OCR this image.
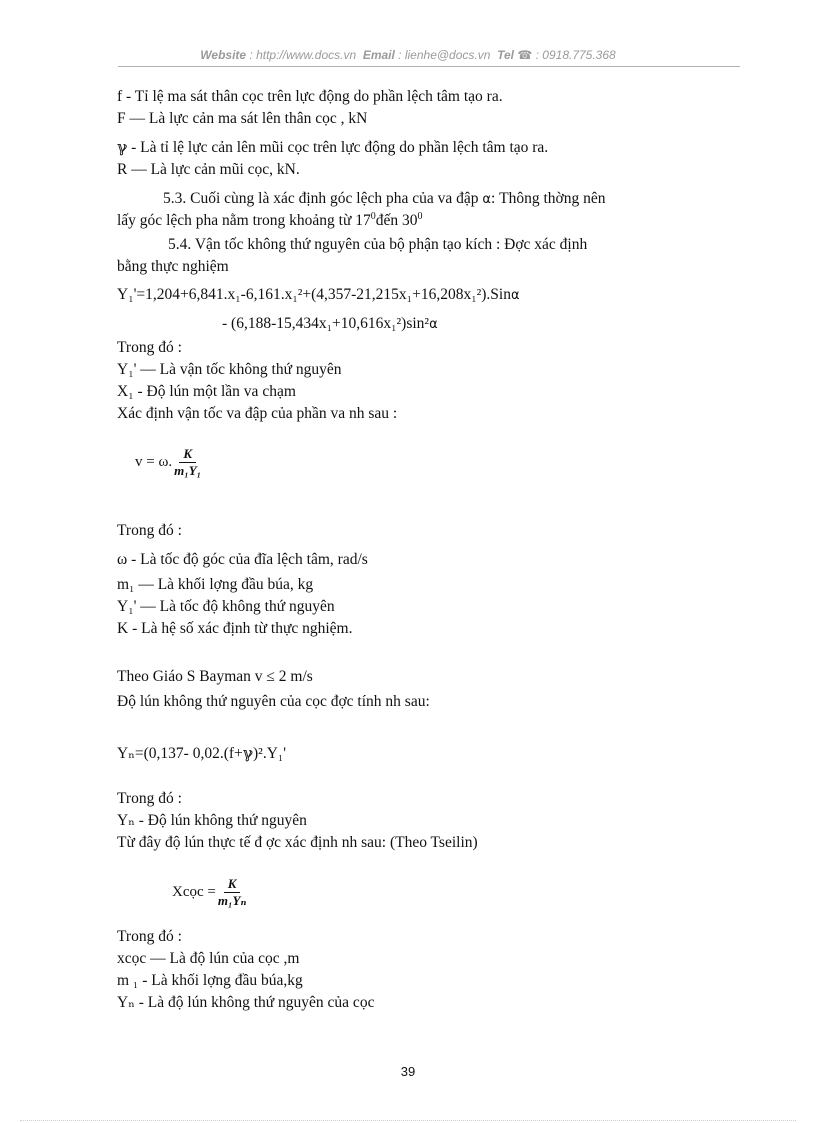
Website : http://www.docs.vn Email : lienhe@docs.vn Tel ☎ : 0918.775.368
f - Tỉ lệ ma sát thân cọc trên lực động do phần lệch tâm tạo ra.
F — Là lực cản ma sát lên thân cọc , kN
ℽ - Là tỉ lệ lực cản lên mũi cọc trên lực động do phần lệch tâm tạo ra.
R — Là lực cản mũi cọc, kN.
5.3. Cuối cùng là xác định góc lệch pha của va đập α: Thông thờng nên
lấy góc lệch pha nằm trong khoảng từ $17^0đến$ $30^0$
5.4. Vận tốc không thứ nguyên của bộ phận tạo kích : Đợc xác định
bằng thực nghiệm
Y₁'=1,204+6,841.x₁-6,161.x₁²+(4,357-21,215x₁+16,208x₁²).Sinα
- (6,188-15,434x₁+10,616x₁²)sin²α
Trong đó :
Y₁' — Là vận tốc không thứ nguyên
X₁ - Độ lún một lần va chạm
Xác định vận tốc va đập của phần va nh sau :
v = ω. $\frac{K}{\text{m₁Y₁}}$
Trong đó :
ω - Là tốc độ góc của đĩa lệch tâm, rad/s
m₁ — Là khối lợng đầu búa, kg
Y₁' — Là tốc độ không thứ nguyên
K - Là hệ số xác định từ thực nghiệm.
Theo Giáo S Bayman v ≤ 2 m/s
Độ lún không thứ nguyên của cọc đợc tính nh sau:
Yₙ=(0,137- 0,02.(f+ℽ)².Y₁'
Trong đó :
Yₙ - Độ lún không thứ nguyên
Từ đây độ lún thực tế đ ợc xác định nh sau: (Theo Tseilin)
Xcọc = $\frac{K}{\text{m₁Yₙ}}$
Trong đó :
xcọc — Là độ lún của cọc ,m
m ₁ - Là khối lợng đầu búa,kg
Yₙ - Là độ lún không thứ nguyên của cọc
39
